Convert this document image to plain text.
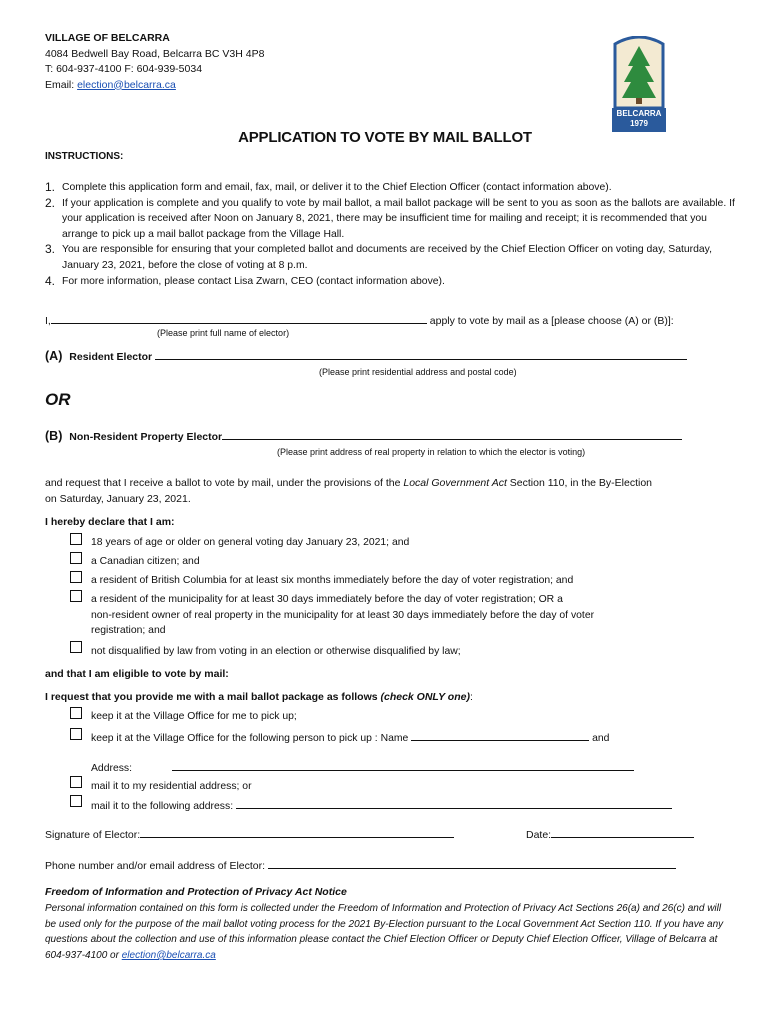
VILLAGE OF BELCARRA
4084 Bedwell Bay Road, Belcarra BC V3H 4P8
T: 604-937-4100 F: 604-939-5034
Email: election@belcarra.ca
BELCARRA
1979
APPLICATION TO VOTE BY MAIL BALLOT
INSTRUCTIONS:
1. Complete this application form and email, fax, mail, or deliver it to the Chief Election Officer (contact information above).
2. If your application is complete and you qualify to vote by mail ballot, a mail ballot package will be sent to you as soon as the ballots are available. If your application is received after Noon on January 8, 2021, there may be insufficient time for mailing and receipt; it is recommended that you arrange to pick up a mail ballot package from the Village Hall.
3. You are responsible for ensuring that your completed ballot and documents are received by the Chief Election Officer on voting day, Saturday, January 23, 2021, before the close of voting at 8 p.m.
4. For more information, please contact Lisa Zwarn, CEO (contact information above).
I,	apply to vote by mail as a [please choose (A) or (B)]:
(Please print full name of elector)
(A) Resident Elector
(Please print residential address and postal code)
OR
(B) Non-Resident Property Elector
(Please print address of real property in relation to which the elector is voting)
and request that I receive a ballot to vote by mail, under the provisions of the Local Government Act Section 110, in the By-Election
on Saturday, January 23, 2021.
I hereby declare that I am:
18 years of age or older on general voting day January 23, 2021; and
a Canadian citizen; and
a resident of British Columbia for at least six months immediately before the day of voter registration; and
a resident of the municipality for at least 30 days immediately before the day of voter registration; OR a
non-resident owner of real property in the municipality for at least 30 days immediately before the day of voter
registration; and
not disqualified by law from voting in an election or otherwise disqualified by law;
and that I am eligible to vote by mail:
I request that you provide me with a mail ballot package as follows (check ONLY one):
keep it at the Village Office for me to pick up;
keep it at the Village Office for the following person to pick up : Name	and
Address:
mail it to my residential address; or
mail it to the following address:
Signature of Elector:	Date:
Phone number and/or email address of Elector:
Freedom of Information and Protection of Privacy Act Notice
Personal information contained on this form is collected under the Freedom of Information and Protection of Privacy Act Sections 26(a) and 26(c) and will be used only for the purpose of the mail ballot voting process for the 2021 By-Election pursuant to the Local Government Act Section 110. If you have any questions about the collection and use of this information please contact the Chief Election Officer or Deputy Chief Election Officer, Village of Belcarra at 604-937-4100 or election@belcarra.ca
